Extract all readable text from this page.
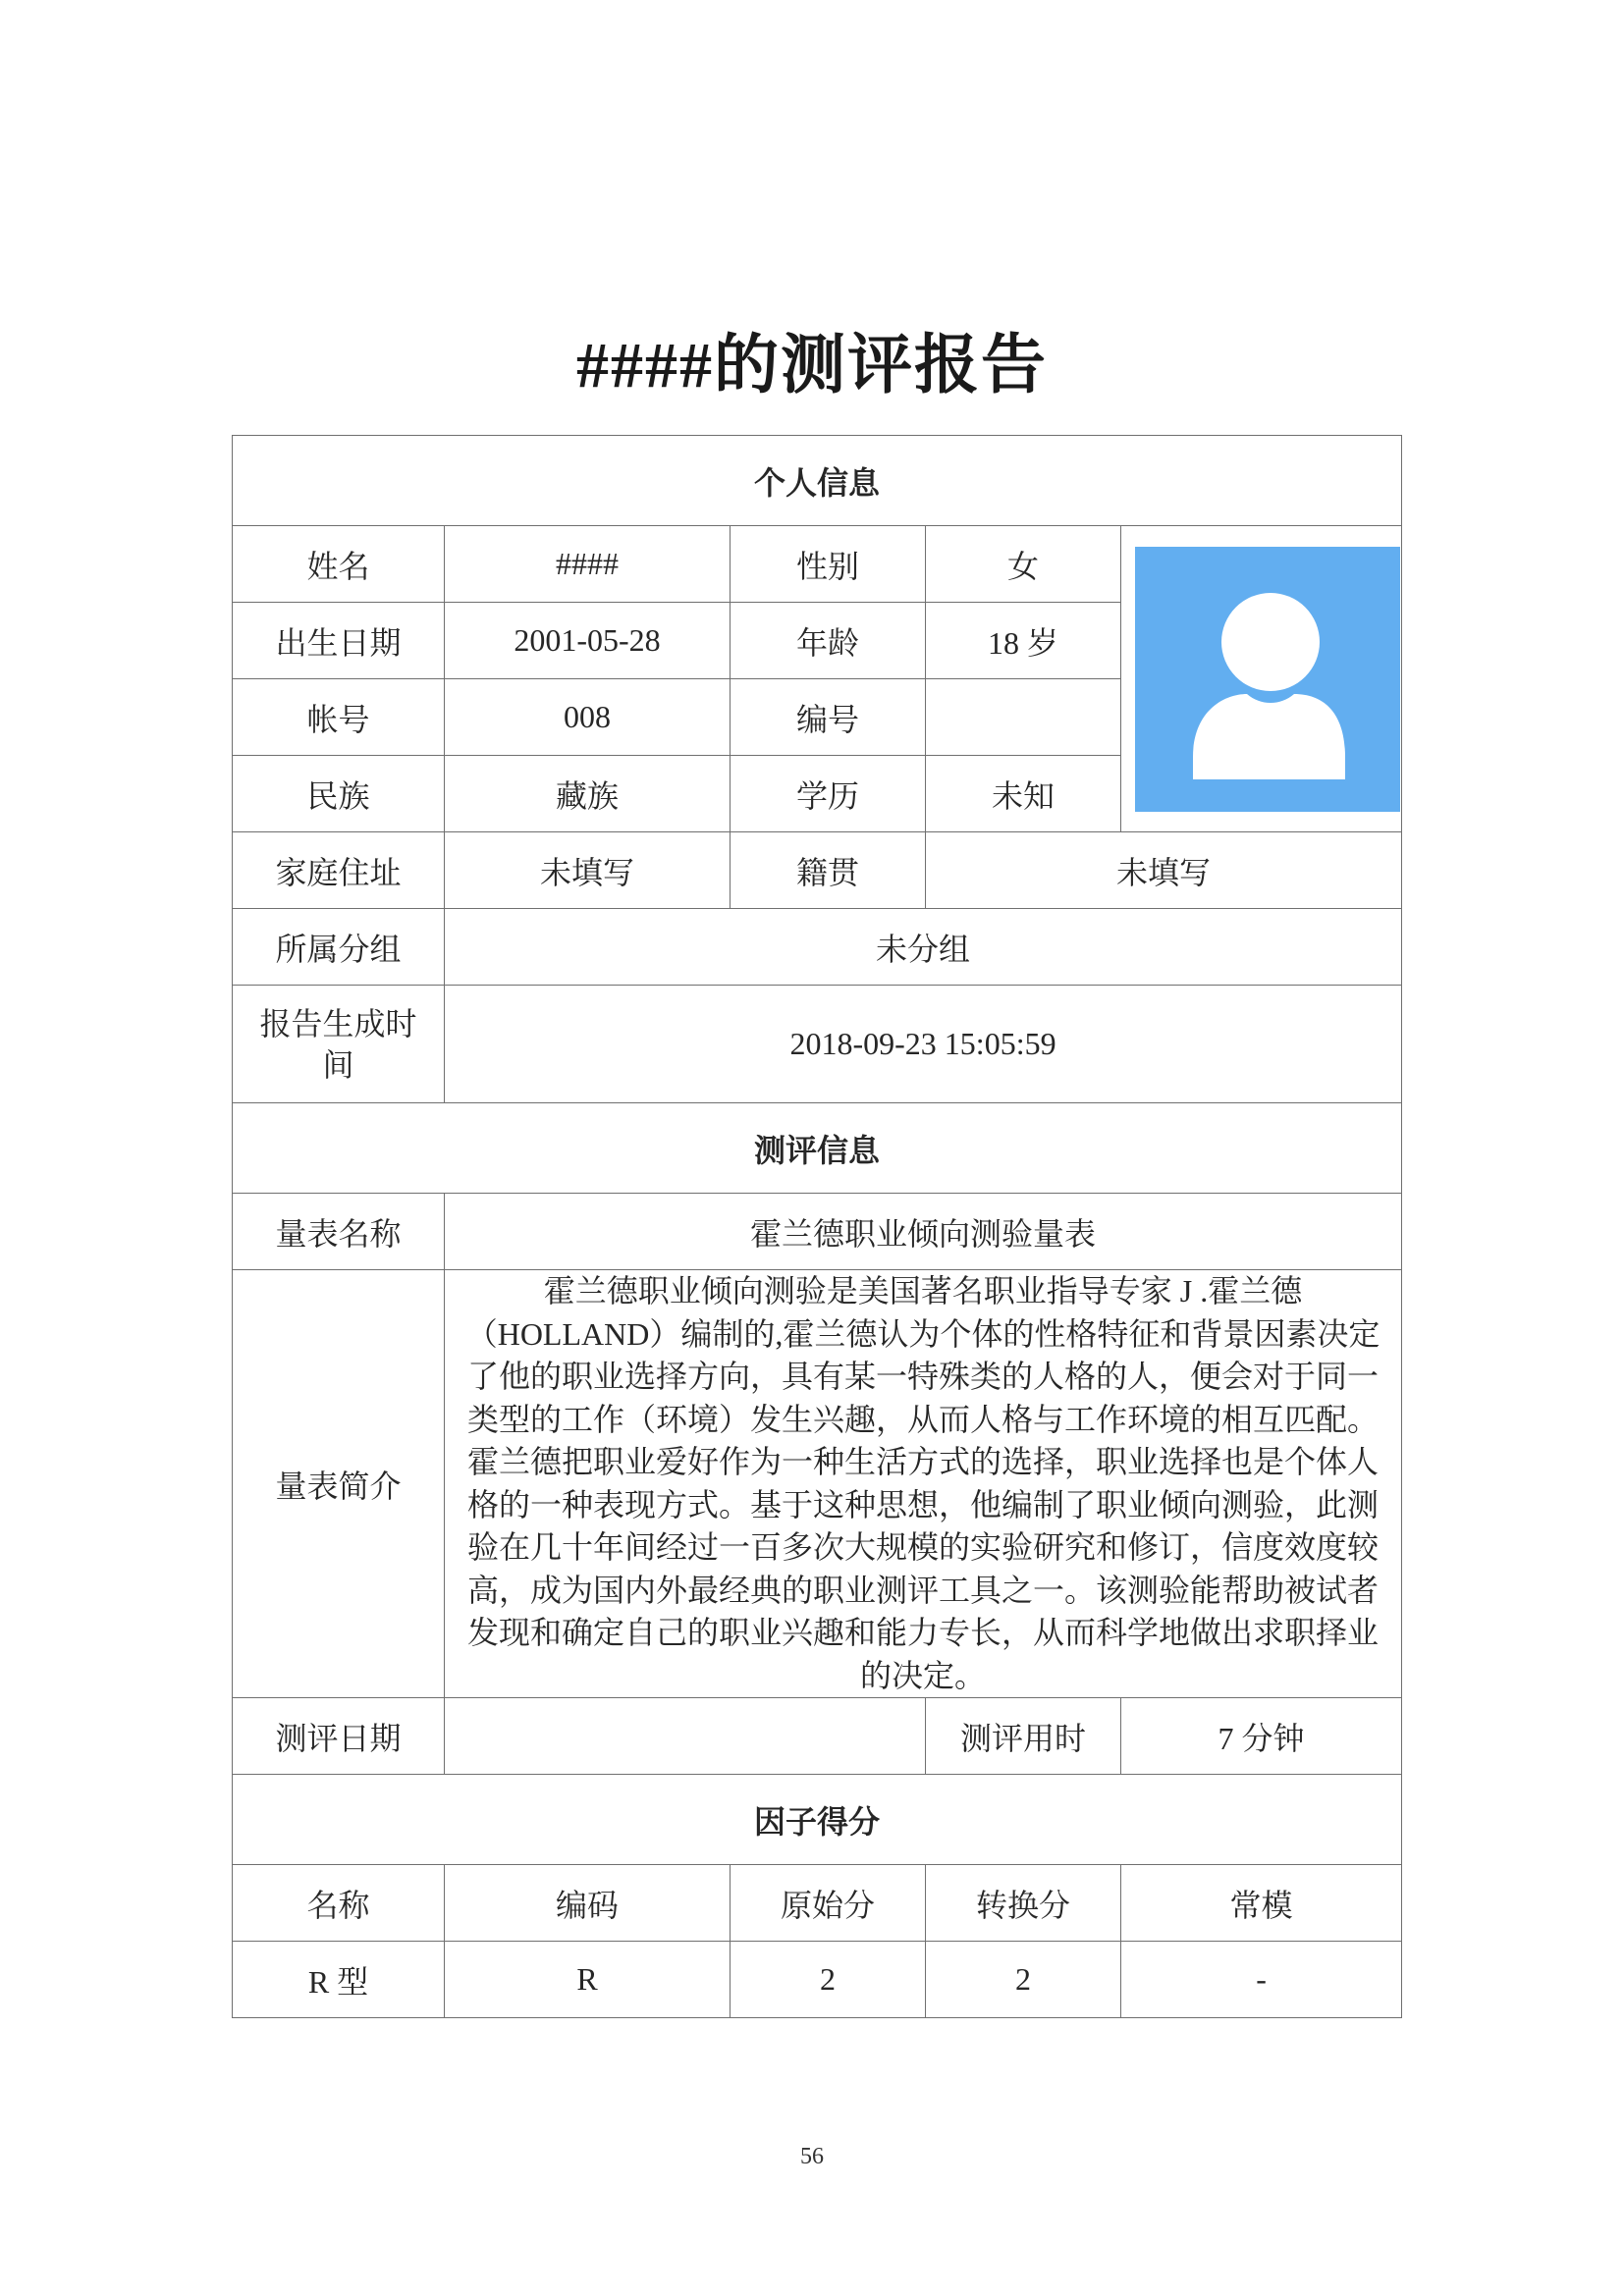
####的测评报告
个人信息				
姓名	####	性别	女	

出生日期	2001-05-28	年龄	18 岁	
帐号	008	编号		
民族	藏族	学历	未知	
家庭住址	未填写	籍贯	未填写	
所属分组	未分组			
报告生成时间	2018-09-23 15:05:59			
测评信息				
量表名称	霍兰德职业倾向测验量表			
量表简介	霍兰德职业倾向测验是美国著名职业指导专家 J .霍兰德（HOLLAND）编制的,霍兰德认为个体的性格特征和背景因素决定了他的职业选择方向，具有某一特殊类的人格的人，便会对于同一类型的工作（环境）发生兴趣，从而人格与工作环境的相互匹配。霍兰德把职业爱好作为一种生活方式的选择，职业选择也是个体人格的一种表现方式。基于这种思想，他编制了职业倾向测验，此测验在几十年间经过一百多次大规模的实验研究和修订，信度效度较高，成为国内外最经典的职业测评工具之一。该测验能帮助被试者发现和确定自己的职业兴趣和能力专长，从而科学地做出求职择业的决定。			
测评日期			测评用时	7 分钟
因子得分				
名称	编码	原始分	转换分	常模
R 型	R	2	2	-
56
